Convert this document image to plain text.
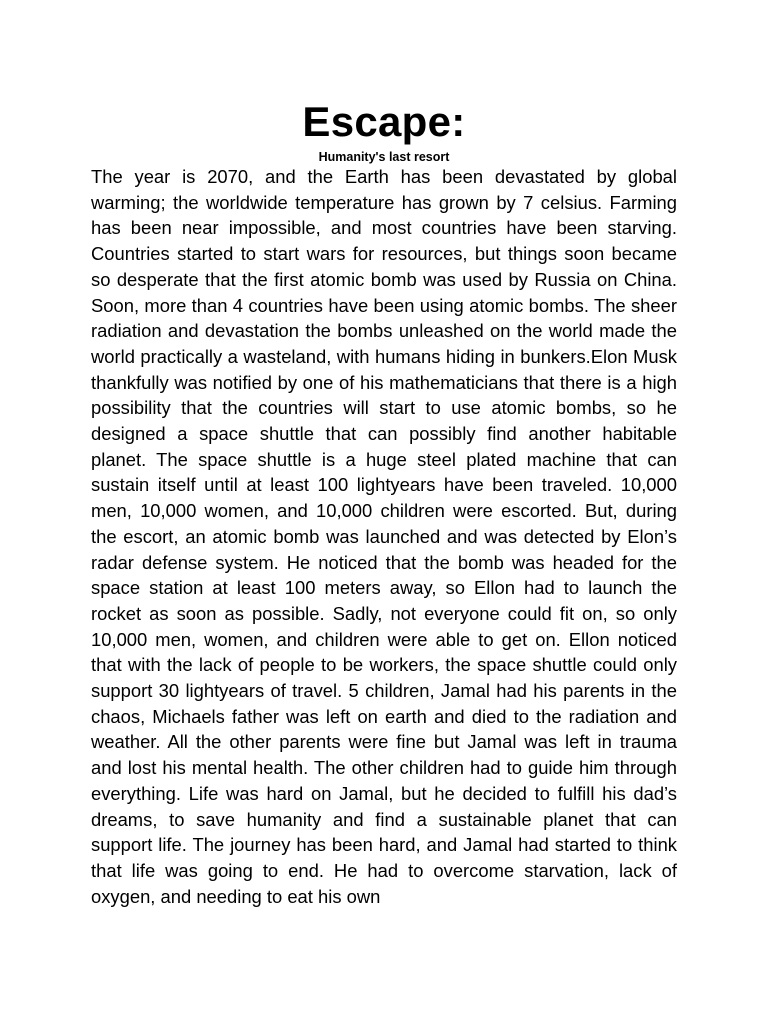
Escape:
Humanity's last resort

The year is 2070, and the Earth has been devastated by global warming; the worldwide temperature has grown by 7 celsius. Farming has been near impossible, and most countries have been starving. Countries started to start wars for resources, but things soon became so desperate that the first atomic bomb was used by Russia on China. Soon, more than 4 countries have been using atomic bombs. The sheer radiation and devastation the bombs unleashed on the world made the world practically a wasteland, with humans hiding in bunkers.Elon Musk thankfully was notified by one of his mathematicians that there is a high possibility that the countries will start to use atomic bombs, so he designed a space shuttle that can possibly find another habitable planet. The space shuttle is a huge steel plated machine that can sustain itself until at least 100 lightyears have been traveled. 10,000 men, 10,000 women, and 10,000 children were escorted. But, during the escort, an atomic bomb was launched and was detected by Elon’s radar defense system. He noticed that the bomb was headed for the space station at least 100 meters away, so Ellon had to launch the rocket as soon as possible. Sadly, not everyone could fit on, so only 10,000 men, women, and children were able to get on. Ellon noticed that with the lack of people to be workers, the space shuttle could only support 30 lightyears of travel. 5 children, Jamal had his parents in the chaos, Michaels father was left on earth and died to the radiation and weather. All the other parents were fine but Jamal was left in trauma and lost his mental health. The other children had to guide him through everything. Life was hard on Jamal, but he decided to fulfill his dad’s dreams, to save humanity and find a sustainable planet that can support life. The journey has been hard, and Jamal had started to think that life was going to end. He had to overcome starvation, lack of oxygen, and needing to eat his own
